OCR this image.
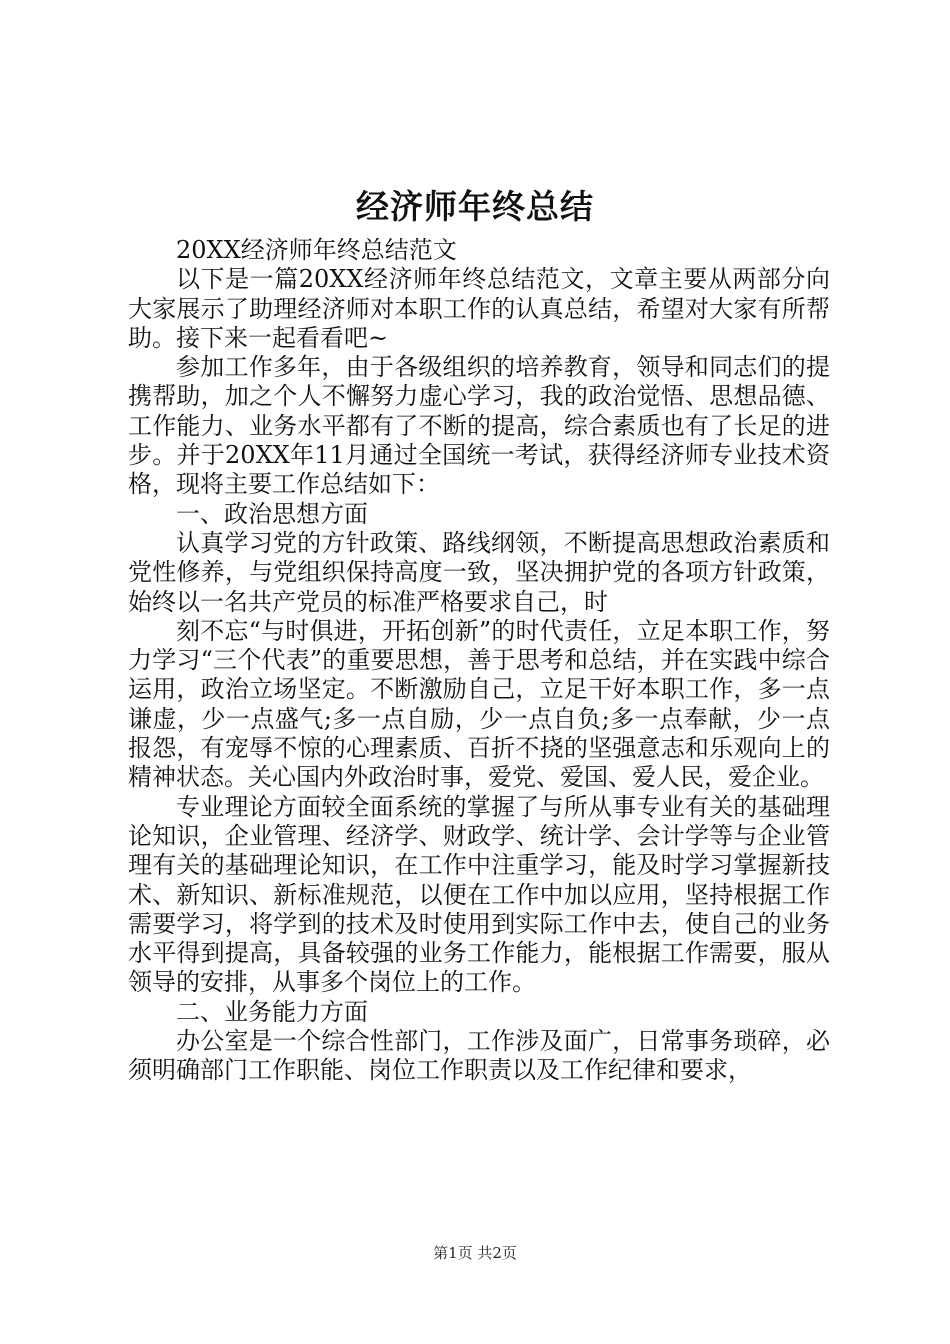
经济师年终总结

20XX经济师年终总结范文

以下是一篇20XX经济师年终总结范文，文章主要从两部分向大家展示了助理经济师对本职工作的认真总结，希望对大家有所帮助。接下来一起看看吧~

参加工作多年，由于各级组织的培养教育，领导和同志们的提携帮助，加之个人不懈努力虚心学习，我的政治觉悟、思想品德、工作能力、业务水平都有了不断的提高，综合素质也有了长足的进步。并于20XX年11月通过全国统一考试，获得经济师专业技术资格，现将主要工作总结如下：

一、政治思想方面

认真学习党的方针政策、路线纲领，不断提高思想政治素质和党性修养，与党组织保持高度一致，坚决拥护党的各项方针政策，始终以一名共产党员的标准严格要求自己，时

刻不忘“与时俱进，开拓创新”的时代责任，立足本职工作，努力学习“三个代表”的重要思想，善于思考和总结，并在实践中综合运用，政治立场坚定。不断激励自己，立足干好本职工作，多一点谦虚，少一点盛气;多一点自励，少一点自负;多一点奉献，少一点报怨，有宠辱不惊的心理素质、百折不挠的坚强意志和乐观向上的精神状态。关心国内外政治时事，爱党、爱国、爱人民，爱企业。

专业理论方面较全面系统的掌握了与所从事专业有关的基础理论知识，企业管理、经济学、财政学、统计学、会计学等与企业管理有关的基础理论知识，在工作中注重学习，能及时学习掌握新技术、新知识、新标准规范，以便在工作中加以应用，坚持根据工作需要学习，将学到的技术及时使用到实际工作中去，使自己的业务水平得到提高，具备较强的业务工作能力，能根据工作需要，服从领导的安排，从事多个岗位上的工作。

二、业务能力方面

办公室是一个综合性部门，工作涉及面广，日常事务琐碎，必须明确部门工作职能、岗位工作职责以及工作纪律和要求，

第1页 共2页
